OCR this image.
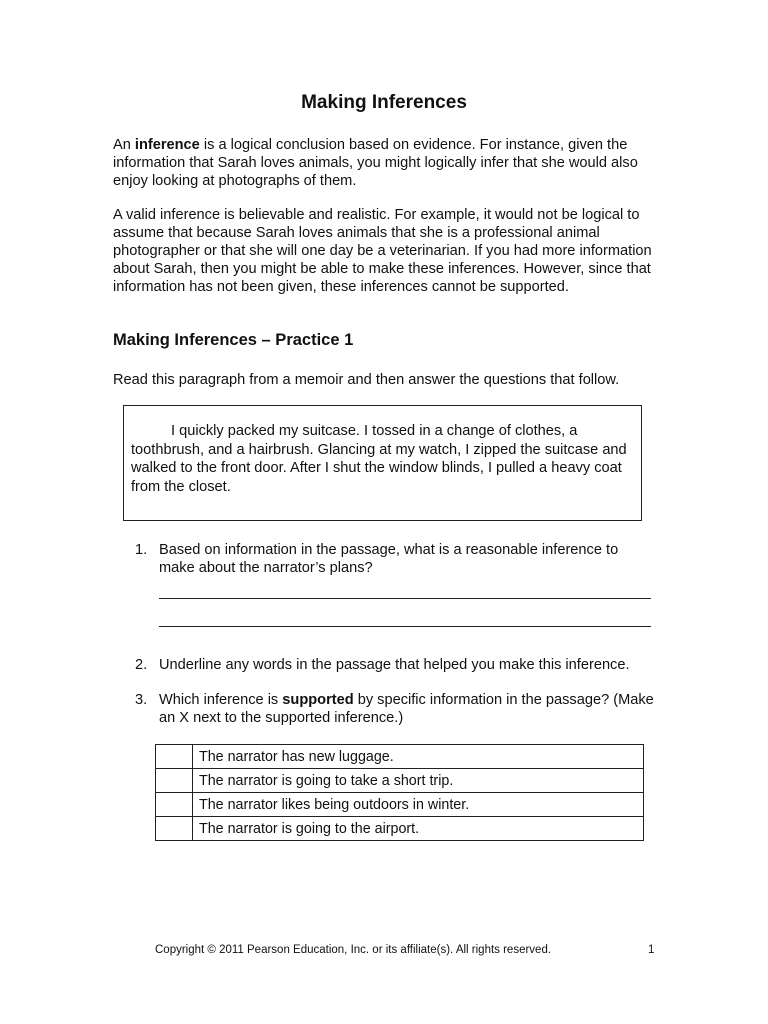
Making Inferences
An inference is a logical conclusion based on evidence. For instance, given the information that Sarah loves animals, you might logically infer that she would also enjoy looking at photographs of them.
A valid inference is believable and realistic. For example, it would not be logical to assume that because Sarah loves animals that she is a professional animal photographer or that she will one day be a veterinarian. If you had more information about Sarah, then you might be able to make these inferences. However, since that information has not been given, these inferences cannot be supported.
Making Inferences – Practice 1
Read this paragraph from a memoir and then answer the questions that follow.

I quickly packed my suitcase. I tossed in a change of clothes, a toothbrush, and a hairbrush. Glancing at my watch, I zipped the suitcase and walked to the front door. After I shut the window blinds, I pulled a heavy coat from the closet.

1. Based on information in the passage, what is a reasonable inference to make about the narrator’s plans?
2. Underline any words in the passage that helped you make this inference.
3. Which inference is supported by specific information in the passage? (Make an X next to the supported inference.)
	The narrator has new luggage.
	The narrator is going to take a short trip.
	The narrator likes being outdoors in winter.
	The narrator is going to the airport.
Copyright © 2011 Pearson Education, Inc. or its affiliate(s). All rights reserved.	1
